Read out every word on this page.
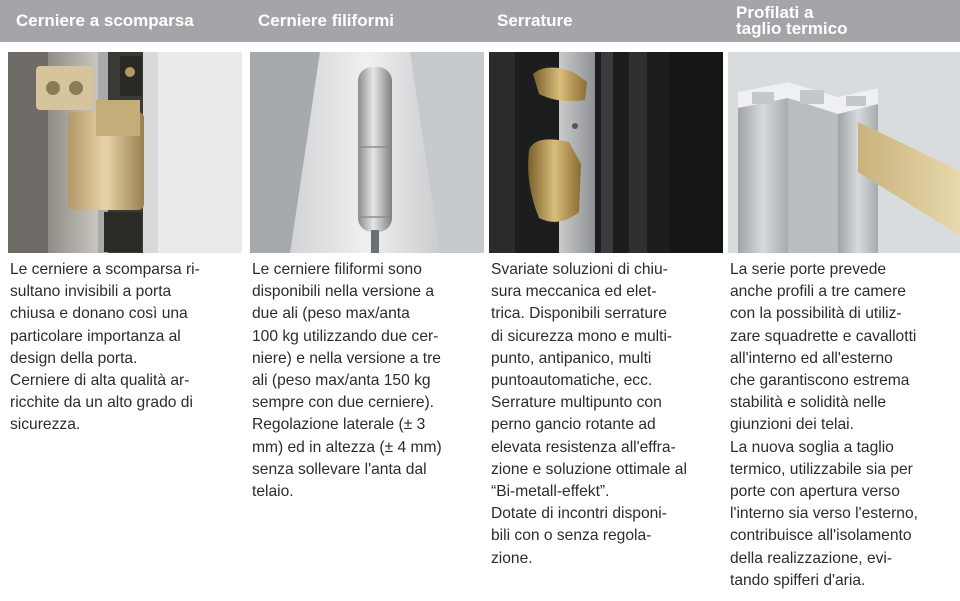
Cerniere a scomparsa
Le cerniere a scomparsa ri-
sultano invisibili a porta
chiusa e donano così una
particolare importanza al
design della porta.
Cerniere di alta qualità ar-
ricchite da un alto grado di
sicurezza.
Cerniere filiformi
Le cerniere filiformi sono
disponibili nella versione a
due ali (peso max/anta
100 kg utilizzando due cer-
niere) e nella versione a tre
ali (peso max/anta 150 kg
sempre con due cerniere).
Regolazione laterale (± 3
mm) ed in altezza (± 4 mm)
senza sollevare l'anta dal
telaio.
Serrature
Svariate soluzioni di chiu-
sura meccanica ed elet-
trica. Disponibili serrature
di sicurezza mono e multi-
punto, antipanico, multi
puntoautomatiche, ecc.
Serrature multipunto con
perno gancio rotante ad
elevata resistenza all'effra-
zione e soluzione ottimale al
“Bi-metall-effekt”.
Dotate di incontri disponi-
bili con o senza regola-
zione.
Profilati a
taglio termico
La serie porte prevede
anche profili a tre camere
con la possibilità di utiliz-
zare squadrette e cavallotti
all'interno ed all'esterno
che garantiscono estrema
stabilità e solidità nelle
giunzioni dei telai.
La nuova soglia a taglio
termico, utilizzabile sia per
porte con apertura verso
l'interno sia verso l'esterno,
contribuisce all'isolamento
della realizzazione, evi-
tando spifferi d'aria.
